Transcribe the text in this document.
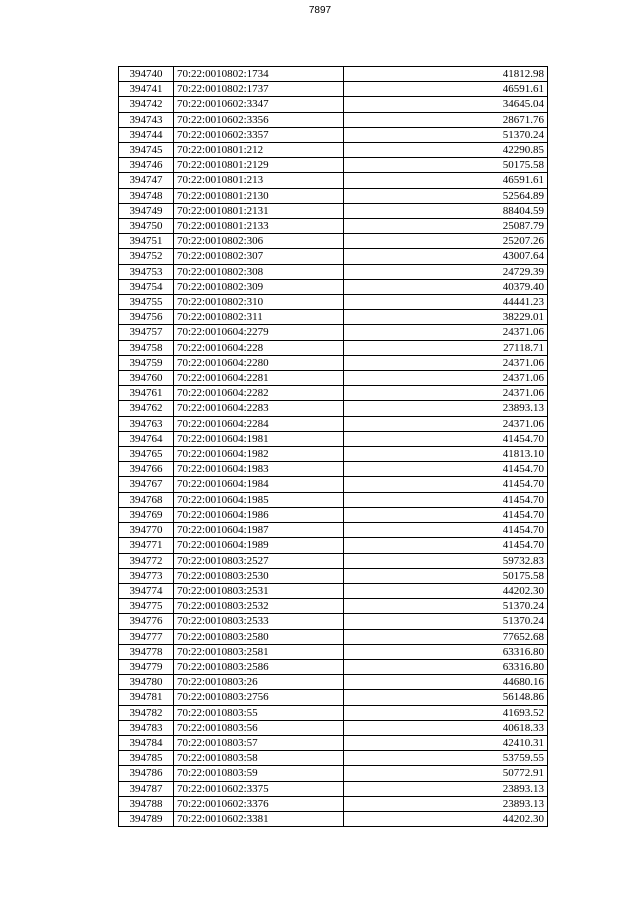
7897
394740	70:22:0010802:1734	41812.98
394741	70:22:0010802:1737	46591.61
394742	70:22:0010602:3347	34645.04
394743	70:22:0010602:3356	28671.76
394744	70:22:0010602:3357	51370.24
394745	70:22:0010801:212	42290.85
394746	70:22:0010801:2129	50175.58
394747	70:22:0010801:213	46591.61
394748	70:22:0010801:2130	52564.89
394749	70:22:0010801:2131	88404.59
394750	70:22:0010801:2133	25087.79
394751	70:22:0010802:306	25207.26
394752	70:22:0010802:307	43007.64
394753	70:22:0010802:308	24729.39
394754	70:22:0010802:309	40379.40
394755	70:22:0010802:310	44441.23
394756	70:22:0010802:311	38229.01
394757	70:22:0010604:2279	24371.06
394758	70:22:0010604:228	27118.71
394759	70:22:0010604:2280	24371.06
394760	70:22:0010604:2281	24371.06
394761	70:22:0010604:2282	24371.06
394762	70:22:0010604:2283	23893.13
394763	70:22:0010604:2284	24371.06
394764	70:22:0010604:1981	41454.70
394765	70:22:0010604:1982	41813.10
394766	70:22:0010604:1983	41454.70
394767	70:22:0010604:1984	41454.70
394768	70:22:0010604:1985	41454.70
394769	70:22:0010604:1986	41454.70
394770	70:22:0010604:1987	41454.70
394771	70:22:0010604:1989	41454.70
394772	70:22:0010803:2527	59732.83
394773	70:22:0010803:2530	50175.58
394774	70:22:0010803:2531	44202.30
394775	70:22:0010803:2532	51370.24
394776	70:22:0010803:2533	51370.24
394777	70:22:0010803:2580	77652.68
394778	70:22:0010803:2581	63316.80
394779	70:22:0010803:2586	63316.80
394780	70:22:0010803:26	44680.16
394781	70:22:0010803:2756	56148.86
394782	70:22:0010803:55	41693.52
394783	70:22:0010803:56	40618.33
394784	70:22:0010803:57	42410.31
394785	70:22:0010803:58	53759.55
394786	70:22:0010803:59	50772.91
394787	70:22:0010602:3375	23893.13
394788	70:22:0010602:3376	23893.13
394789	70:22:0010602:3381	44202.30
